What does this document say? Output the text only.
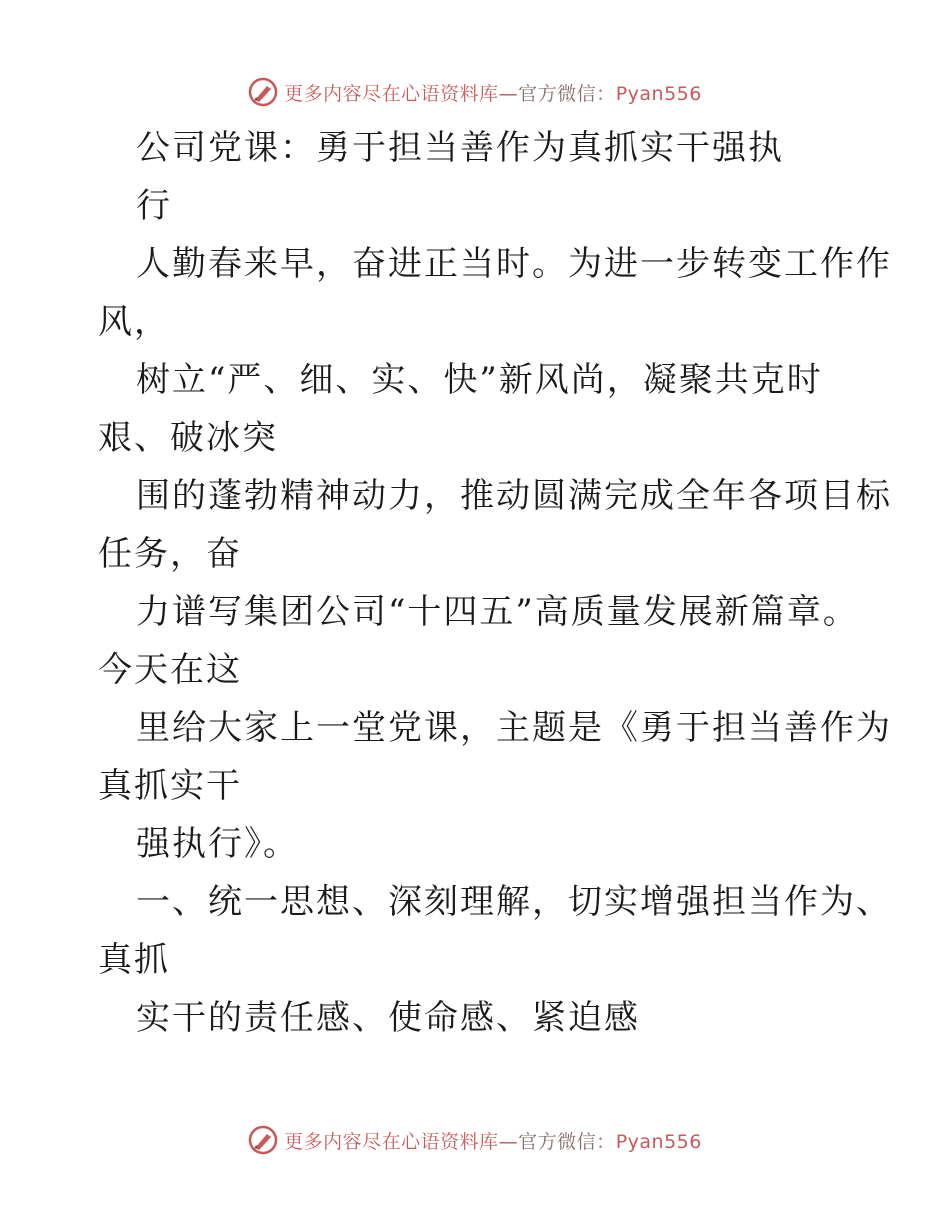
更多内容尽在心语资料库—官方微信：Pyan556
公司党课：勇于担当善作为真抓实干强执
行
人勤春来早，奋进正当时。为进一步转变工作作
风，
树立“严、细、实、快”新风尚，凝聚共克时
艰、破冰突
围的蓬勃精神动力，推动圆满完成全年各项目标
任务，奋
力谱写集团公司“十四五”高质量发展新篇章。
今天在这
里给大家上一堂党课，主题是《勇于担当善作为
真抓实干
强执行》。
一、统一思想、深刻理解，切实增强担当作为、
真抓
实干的责任感、使命感、紧迫感
更多内容尽在心语资料库—官方微信：Pyan556
